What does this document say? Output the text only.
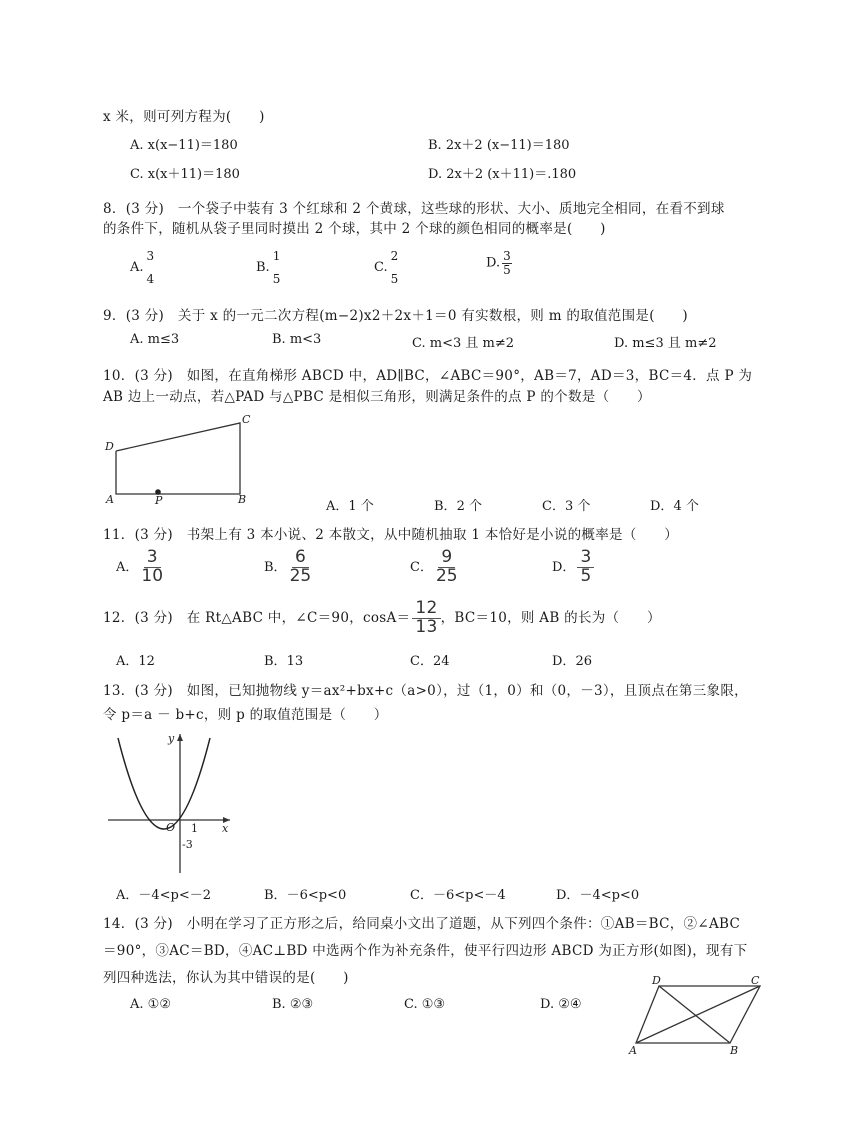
x 米，则可列方程为(　　)
A. x(x−11)＝180	B. 2x＋2 (x−11)＝180
C. x(x＋11)＝180	D. 2x＋2 (x＋11)＝.180
8．(3 分)　一个袋子中装有 3 个红球和 2 个黄球，这些球的形状、大小、质地完全相同，在看不到球
的条件下，随机从袋子里同时摸出 2 个球，其中 2 个球的颜色相同的概率是(　　)
A.
3
4
B.
1
5
C.
2
5
D. $\frac{3}{5}$
9．(3 分)　关于 x 的一元二次方程(m−2)x2＋2x＋1＝0 有实数根，则 m 的取值范围是(　　)
A. m≤3	B. m<3	C. m<3 且 m≠2	D. m≤3 且 m≠2
10．(3 分)　如图，在直角梯形 ABCD 中，AD∥BC，∠ABC＝90°，AB＝7，AD＝3，BC＝4．点 P 为
AB 边上一动点，若△PAD 与△PBC 是相似三角形，则满足条件的点 P 的个数是（　　）
D
C
A	P	B	A．1 个	B．2 个	C．3 个	D．4 个
11．(3 分)　书架上有 3 本小说、2 本散文，从中随机抽取 1 本恰好是小说的概率是（　　）
A． $\frac{3}{10}$	B． $\frac{6}{25}$	C． $\frac{9}{25}$	D． $\frac{3}{5}$
12．(3 分)　在 Rt△ABC 中，∠C＝90，$\cos A= \frac{12}{13}$ ，BC＝10，则 AB 的长为（　　）
A．12	B．13	C．24	D．26
13．(3 分)　如图，已知抛物线 y＝ax²+bx+c（a>0），过（1，0）和（0，－3），且顶点在第三象限，
令 p＝a － b+c，则 p 的取值范围是（　　）
y
x
O 1
-3
A．－4<p<－2	B．－6<p<0	C．－6<p<－4	D．－4<p<0
14．(3 分)　小明在学习了正方形之后，给同桌小文出了道题，从下列四个条件：①AB＝BC，②∠ABC
＝90°，③AC＝BD，④AC⊥BD 中选两个作为补充条件，使平行四边形 ABCD 为正方形(如图)，现有下
列四种选法，你认为其中错误的是(　　)
A. ①②	B. ②③	C. ①③	D. ②④
D	C
A	B
